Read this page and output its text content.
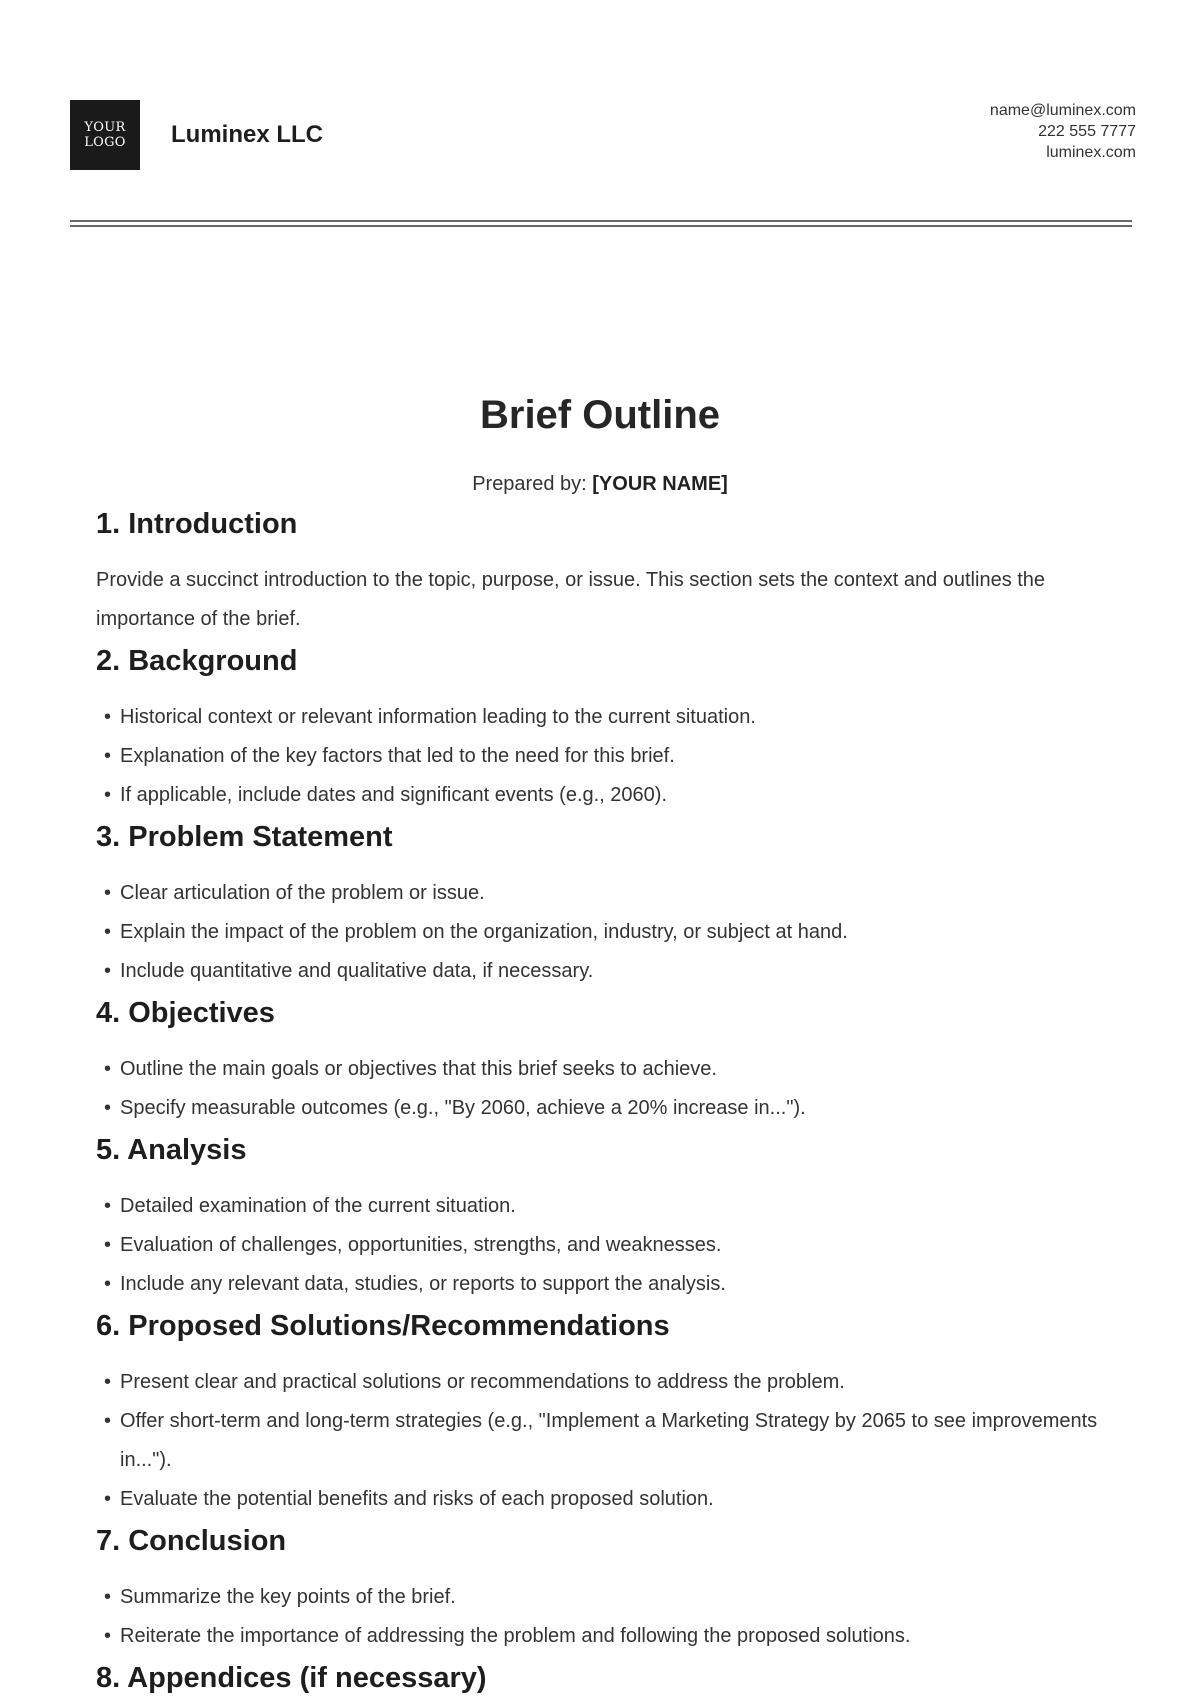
YOUR
LOGO	Luminex LLC
name@luminex.com
222 555 7777
luminex.com
Brief Outline
Prepared by: [YOUR NAME]
1. Introduction

Provide a succinct introduction to the topic, purpose, or issue. This section sets the context and outlines the importance of the brief.

2. Background
• Historical context or relevant information leading to the current situation.
• Explanation of the key factors that led to the need for this brief.
• If applicable, include dates and significant events (e.g., 2060).
3. Problem Statement
• Clear articulation of the problem or issue.
• Explain the impact of the problem on the organization, industry, or subject at hand.
• Include quantitative and qualitative data, if necessary.
4. Objectives
• Outline the main goals or objectives that this brief seeks to achieve.
• Specify measurable outcomes (e.g., "By 2060, achieve a 20% increase in...").
5. Analysis
• Detailed examination of the current situation.
• Evaluation of challenges, opportunities, strengths, and weaknesses.
• Include any relevant data, studies, or reports to support the analysis.
6. Proposed Solutions/Recommendations
• Present clear and practical solutions or recommendations to address the problem.
• Offer short-term and long-term strategies (e.g., "Implement a Marketing Strategy by 2065 to see improvements in...").
• Evaluate the potential benefits and risks of each proposed solution.
7. Conclusion
• Summarize the key points of the brief.
• Reiterate the importance of addressing the problem and following the proposed solutions.
8. Appendices (if necessary)
